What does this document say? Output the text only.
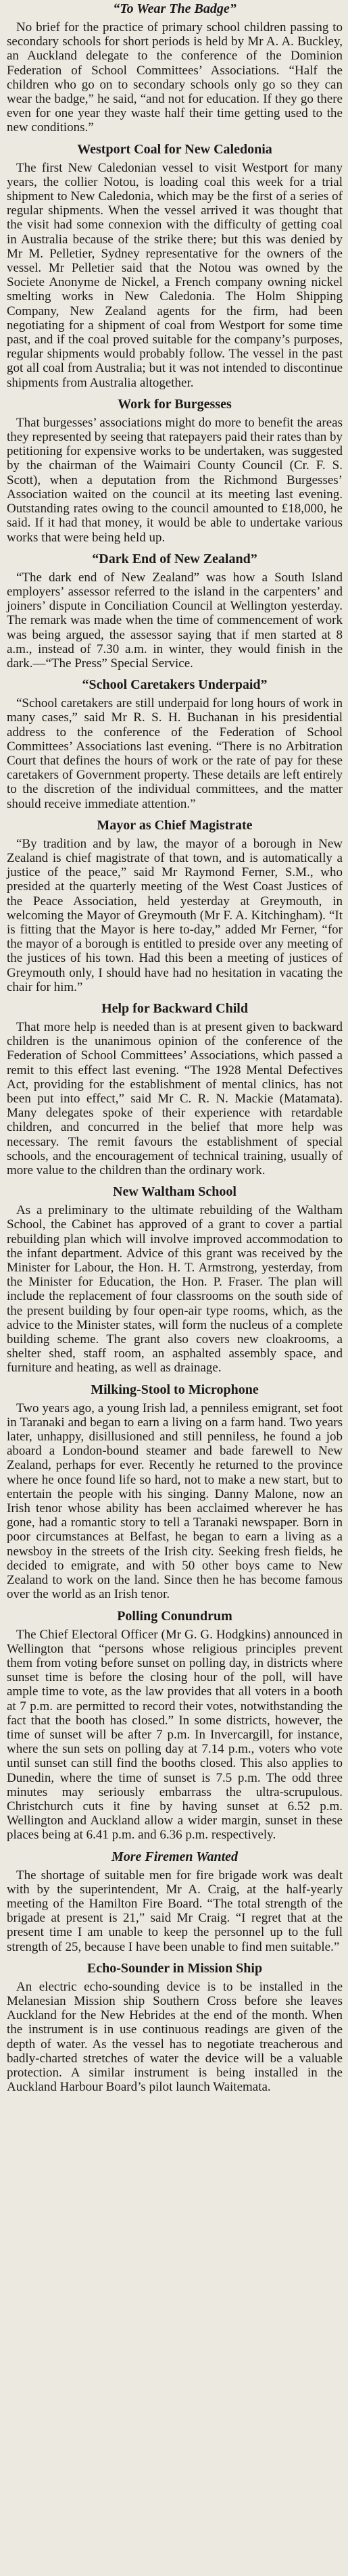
“To Wear The Badge”

No brief for the practice of primary school children passing to secondary schools for short periods is held by Mr A. A. Buckley, an Auckland delegate to the conference of the Dominion Federation of School Committees’ Associations. “Half the children who go on to secondary schools only go so they can wear the badge,” he said, “and not for education. If they go there even for one year they waste half their time getting used to the new conditions.”

Westport Coal for New Caledonia

The first New Caledonian vessel to visit Westport for many years, the collier Notou, is loading coal this week for a trial shipment to New Caledonia, which may be the first of a series of regular shipments. When the vessel arrived it was thought that the visit had some connexion with the difficulty of getting coal in Australia because of the strike there; but this was denied by Mr M. Pelletier, Sydney representative for the owners of the vessel. Mr Pelletier said that the Notou was owned by the Societe Anonyme de Nickel, a French company owning nickel smelting works in New Caledonia. The Holm Shipping Company, New Zealand agents for the firm, had been negotiating for a shipment of coal from Westport for some time past, and if the coal proved suitable for the company’s purposes, regular shipments would probably follow. The vessel in the past got all coal from Australia; but it was not intended to discontinue shipments from Australia altogether.

Work for Burgesses

That burgesses’ associations might do more to benefit the areas they represented by seeing that ratepayers paid their rates than by petitioning for expensive works to be undertaken, was suggested by the chairman of the Waimairi County Council (Cr. F. S. Scott), when a deputation from the Richmond Burgesses’ Association waited on the council at its meeting last evening. Outstanding rates owing to the council amounted to £18,000, he said. If it had that money, it would be able to undertake various works that were being held up.

“Dark End of New Zealand”

“The dark end of New Zealand” was how a South Island employers’ assessor referred to the island in the carpenters’ and joiners’ dispute in Conciliation Council at Wellington yesterday. The remark was made when the time of commencement of work was being argued, the assessor saying that if men started at 8 a.m., instead of 7.30 a.m. in winter, they would finish in the dark.—“The Press” Special Service.

“School Caretakers Underpaid”

“School caretakers are still underpaid for long hours of work in many cases,” said Mr R. S. H. Buchanan in his presidential address to the conference of the Federation of School Committees’ Associations last evening. “There is no Arbitration Court that defines the hours of work or the rate of pay for these caretakers of Government property. These details are left entirely to the discretion of the individual committees, and the matter should receive immediate attention.”

Mayor as Chief Magistrate

“By tradition and by law, the mayor of a borough in New Zealand is chief magistrate of that town, and is automatically a justice of the peace,” said Mr Raymond Ferner, S.M., who presided at the quarterly meeting of the West Coast Justices of the Peace Association, held yesterday at Greymouth, in welcoming the Mayor of Greymouth (Mr F. A. Kitchingham). “It is fitting that the Mayor is here to-day,” added Mr Ferner, “for the mayor of a borough is entitled to preside over any meeting of the justices of his town. Had this been a meeting of justices of Greymouth only, I should have had no hesitation in vacating the chair for him.”

Help for Backward Child

That more help is needed than is at present given to backward children is the unanimous opinion of the conference of the Federation of School Committees’ Associations, which passed a remit to this effect last evening. “The 1928 Mental Defectives Act, providing for the establishment of mental clinics, has not been put into effect,” said Mr C. R. N. Mackie (Matamata). Many delegates spoke of their experience with retardable children, and concurred in the belief that more help was necessary. The remit favours the establishment of special schools, and the encouragement of technical training, usually of more value to the children than the ordinary work.

New Waltham School

As a preliminary to the ultimate rebuilding of the Waltham School, the Cabinet has approved of a grant to cover a partial rebuilding plan which will involve improved accommodation to the infant department. Advice of this grant was received by the Minister for Labour, the Hon. H. T. Armstrong, yesterday, from the Minister for Education, the Hon. P. Fraser. The plan will include the replacement of four classrooms on the south side of the present building by four open-air type rooms, which, as the advice to the Minister states, will form the nucleus of a complete building scheme. The grant also covers new cloakrooms, a shelter shed, staff room, an asphalted assembly space, and furniture and heating, as well as drainage.

Milking-Stool to Microphone

Two years ago, a young Irish lad, a penniless emigrant, set foot in Taranaki and began to earn a living on a farm hand. Two years later, unhappy, disillusioned and still penniless, he found a job aboard a London-bound steamer and bade farewell to New Zealand, perhaps for ever. Recently he returned to the province where he once found life so hard, not to make a new start, but to entertain the people with his singing. Danny Malone, now an Irish tenor whose ability has been acclaimed wherever he has gone, had a romantic story to tell a Taranaki newspaper. Born in poor circumstances at Belfast, he began to earn a living as a newsboy in the streets of the Irish city. Seeking fresh fields, he decided to emigrate, and with 50 other boys came to New Zealand to work on the land. Since then he has become famous over the world as an Irish tenor.

Polling Conundrum

The Chief Electoral Officer (Mr G. G. Hodgkins) announced in Wellington that “persons whose religious principles prevent them from voting before sunset on polling day, in districts where sunset time is before the closing hour of the poll, will have ample time to vote, as the law provides that all voters in a booth at 7 p.m. are permitted to record their votes, notwithstanding the fact that the booth has closed.” In some districts, however, the time of sunset will be after 7 p.m. In Invercargill, for instance, where the sun sets on polling day at 7.14 p.m., voters who vote until sunset can still find the booths closed. This also applies to Dunedin, where the time of sunset is 7.5 p.m. The odd three minutes may seriously embarrass the ultra-scrupulous. Christchurch cuts it fine by having sunset at 6.52 p.m. Wellington and Auckland allow a wider margin, sunset in these places being at 6.41 p.m. and 6.36 p.m. respectively.

More Firemen Wanted

The shortage of suitable men for fire brigade work was dealt with by the superintendent, Mr A. Craig, at the half-yearly meeting of the Hamilton Fire Board. “The total strength of the brigade at present is 21,” said Mr Craig. “I regret that at the present time I am unable to keep the personnel up to the full strength of 25, because I have been unable to find men suitable.”

Echo-Sounder in Mission Ship

An electric echo-sounding device is to be installed in the Melanesian Mission ship Southern Cross before she leaves Auckland for the New Hebrides at the end of the month. When the instrument is in use continuous readings are given of the depth of water. As the vessel has to negotiate treacherous and badly-charted stretches of water the device will be a valuable protection. A similar instrument is being installed in the Auckland Harbour Board’s pilot launch Waitemata.
